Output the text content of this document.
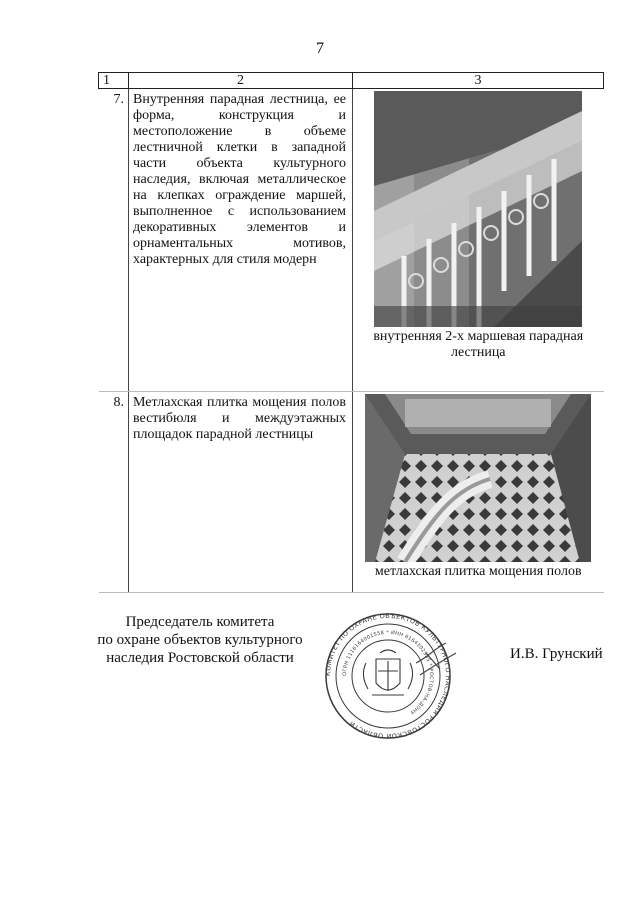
7
1	2	3
7.	Внутренняя парадная лестница, ее форма, конструкция и местоположение в объеме лестничной клетки в западной части объекта культурного наследия, включая металлическое на клепках ограждение маршей, выполненное с использованием декоративных элементов и орнаментальных мотивов, характерных для стиля модерн	внутренняя 2-х маршевая парадная лестница

8.	Метлахская плитка мощения полов вестибюля и междуэтажных площадок парадной лестницы	метлахская плитка мощения полов
Председатель комитета
по охране объектов культурного
наследия Ростовской области
КОМИТЕТ ПО ОХРАНЕ ОБЪЕКТОВ КУЛЬТУРНОГО НАСЛЕДИЯ РОСТОВСКОЙ ОБЛАСТИ
ОГРН 1116164001558 * ИНН 6164302935 * РОСТОВ-НА-ДОНУ
И.В. Грунский
